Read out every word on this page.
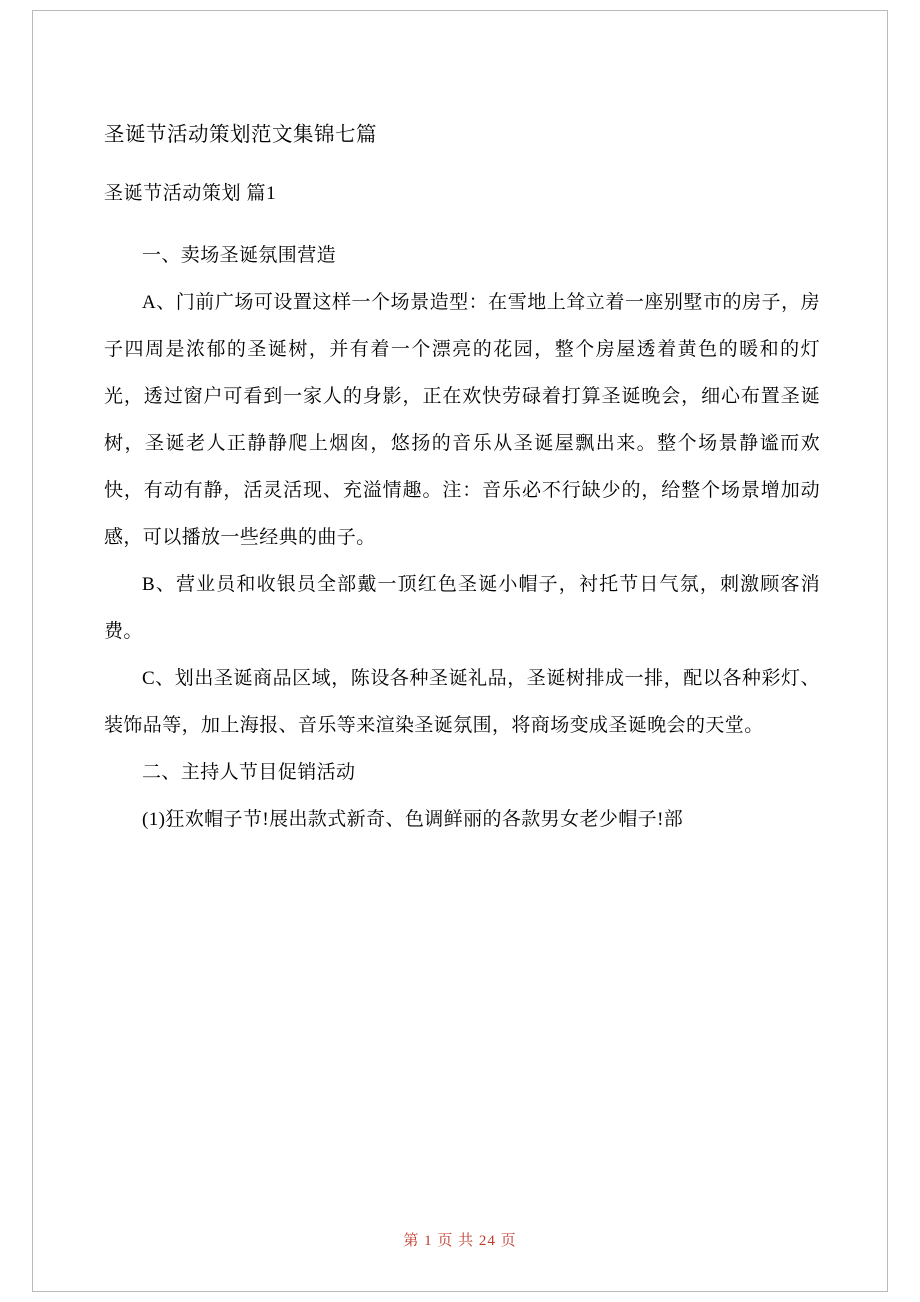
圣诞节活动策划范文集锦七篇
圣诞节活动策划 篇1

一、卖场圣诞氛围营造

A、门前广场可设置这样一个场景造型：在雪地上耸立着一座别墅市的房子，房子四周是浓郁的圣诞树，并有着一个漂亮的花园，整个房屋透着黄色的暖和的灯光，透过窗户可看到一家人的身影，正在欢快劳碌着打算圣诞晚会，细心布置圣诞树，圣诞老人正静静爬上烟囱，悠扬的音乐从圣诞屋飘出来。整个场景静谧而欢快，有动有静，活灵活现、充溢情趣。注：音乐必不行缺少的，给整个场景增加动感，可以播放一些经典的曲子。

B、营业员和收银员全部戴一顶红色圣诞小帽子，衬托节日气氛，刺激顾客消费。

C、划出圣诞商品区域，陈设各种圣诞礼品，圣诞树排成一排，配以各种彩灯、装饰品等，加上海报、音乐等来渲染圣诞氛围，将商场变成圣诞晚会的天堂。

二、主持人节目促销活动

(1)狂欢帽子节!展出款式新奇、色调鲜丽的各款男女老少帽子!部

第 1 页 共 24 页
